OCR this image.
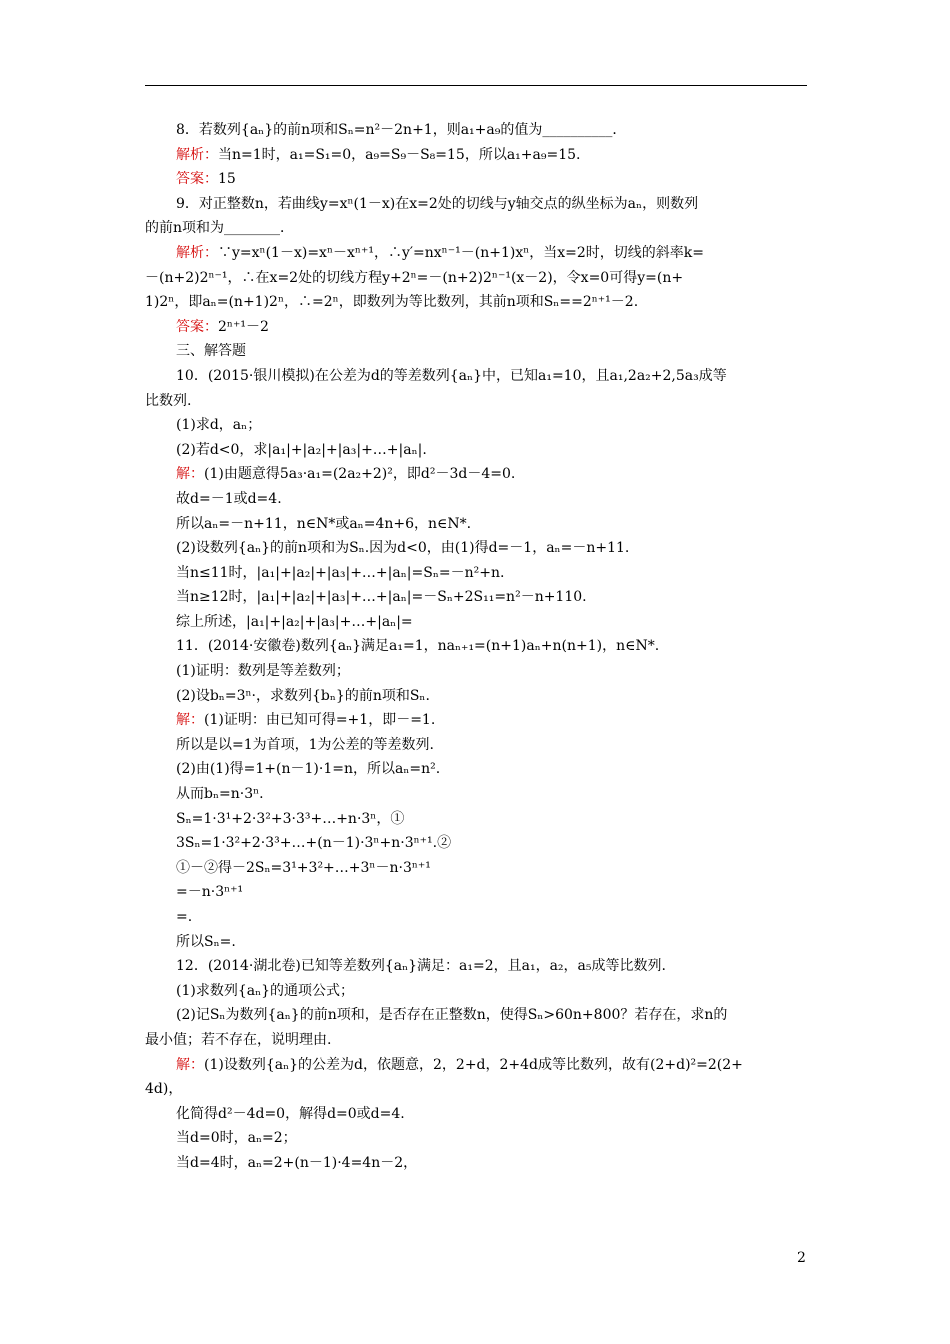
8．若数列{aₙ}的前n项和Sₙ=n²－2n+1，则a₁+a₉的值为__________．
解析：当n=1时，a₁=S₁=0，a₉=S₉－S₈=15，所以a₁+a₉=15.
答案：15
9．对正整数n，若曲线y=xⁿ(1－x)在x=2处的切线与y轴交点的纵坐标为aₙ，则数列
的前n项和为________．
解析：∵y=xⁿ(1－x)=xⁿ－xⁿ⁺¹，∴y′=nxⁿ⁻¹－(n+1)xⁿ，当x=2时，切线的斜率k=
－(n+2)2ⁿ⁻¹，∴在x=2处的切线方程y+2ⁿ=－(n+2)2ⁿ⁻¹(x－2)，令x=0可得y=(n+
1)2ⁿ，即aₙ=(n+1)2ⁿ，∴=2ⁿ，即数列为等比数列，其前n项和Sₙ==2ⁿ⁺¹－2.
答案：2ⁿ⁺¹－2
三、解答题
10．(2015·银川模拟)在公差为d的等差数列{aₙ}中，已知a₁=10，且a₁,2a₂+2,5a₃成等
比数列.
(1)求d，aₙ；
(2)若d<0，求|a₁|+|a₂|+|a₃|+…+|aₙ|.
解：(1)由题意得5a₃·a₁=(2a₂+2)²，即d²－3d－4=0.
故d=－1或d=4.
所以aₙ=－n+11，n∈N*或aₙ=4n+6，n∈N*.
(2)设数列{aₙ}的前n项和为Sₙ.因为d<0，由(1)得d=－1，aₙ=－n+11.
当n≤11时，|a₁|+|a₂|+|a₃|+…+|aₙ|=Sₙ=－n²+n.
当n≥12时，|a₁|+|a₂|+|a₃|+…+|aₙ|=－Sₙ+2S₁₁=n²－n+110.
综上所述，|a₁|+|a₂|+|a₃|+…+|aₙ|=
11．(2014·安徽卷)数列{aₙ}满足a₁=1，naₙ₊₁=(n+1)aₙ+n(n+1)，n∈N*.
(1)证明：数列是等差数列；
(2)设bₙ=3ⁿ·，求数列{bₙ}的前n项和Sₙ.
解：(1)证明：由已知可得=+1，即－=1.
所以是以=1为首项，1为公差的等差数列.
(2)由(1)得=1+(n－1)·1=n，所以aₙ=n².
从而bₙ=n·3ⁿ.
Sₙ=1·3¹+2·3²+3·3³+…+n·3ⁿ，①
3Sₙ=1·3²+2·3³+…+(n－1)·3ⁿ+n·3ⁿ⁺¹.②
①－②得－2Sₙ=3¹+3²+…+3ⁿ－n·3ⁿ⁺¹
=－n·3ⁿ⁺¹
=.
所以Sₙ=.
12．(2014·湖北卷)已知等差数列{aₙ}满足：a₁=2，且a₁，a₂，a₅成等比数列.
(1)求数列{aₙ}的通项公式；
(2)记Sₙ为数列{aₙ}的前n项和，是否存在正整数n，使得Sₙ>60n+800？若存在，求n的
最小值；若不存在，说明理由.
解：(1)设数列{aₙ}的公差为d，依题意，2，2+d，2+4d成等比数列，故有(2+d)²=2(2+
4d)，
化简得d²－4d=0，解得d=0或d=4.
当d=0时，aₙ=2；
当d=4时，aₙ=2+(n－1)·4=4n－2，
2
